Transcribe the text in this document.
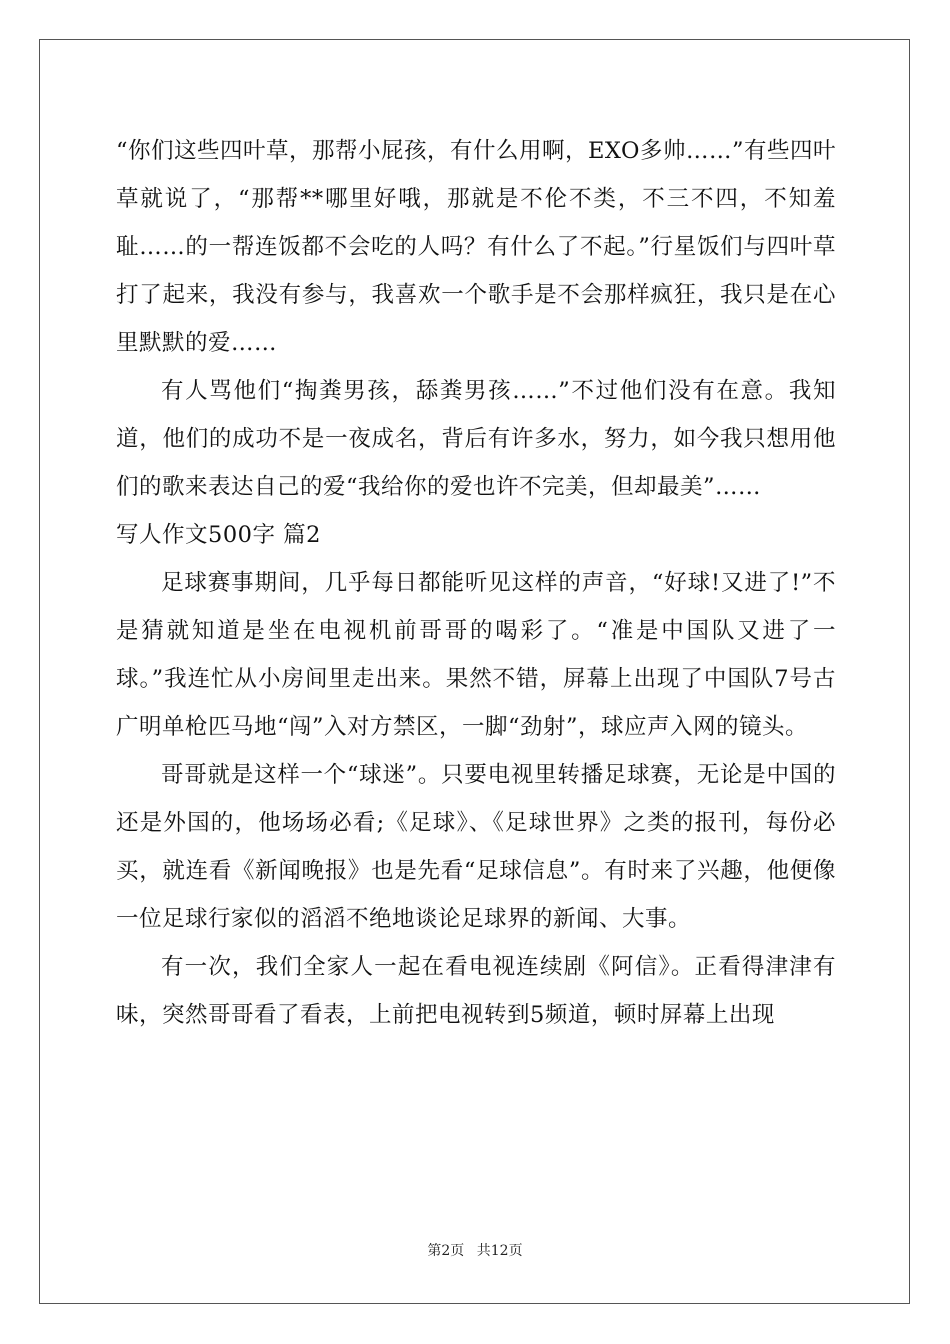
“你们这些四叶草，那帮小屁孩，有什么用啊，EXO多帅……”有些四叶草就说了，“那帮**哪里好哦，那就是不伦不类，不三不四，不知羞耻……的一帮连饭都不会吃的人吗？有什么了不起。”行星饭们与四叶草打了起来，我没有参与，我喜欢一个歌手是不会那样疯狂，我只是在心里默默的爱……

有人骂他们“掏粪男孩，舔粪男孩……”不过他们没有在意。我知道，他们的成功不是一夜成名，背后有许多水，努力，如今我只想用他们的歌来表达自己的爱“我给你的爱也许不完美，但却最美”……

写人作文500字 篇2

足球赛事期间，几乎每日都能听见这样的声音，“好球!又进了!”不是猜就知道是坐在电视机前哥哥的喝彩了。“准是中国队又进了一球。”我连忙从小房间里走出来。果然不错，屏幕上出现了中国队7号古广明单枪匹马地“闯”入对方禁区，一脚“劲射”，球应声入网的镜头。

哥哥就是这样一个“球迷”。只要电视里转播足球赛，无论是中国的还是外国的，他场场必看;《足球》、《足球世界》之类的报刊，每份必买，就连看《新闻晚报》也是先看“足球信息”。有时来了兴趣，他便像一位足球行家似的滔滔不绝地谈论足球界的新闻、大事。

有一次，我们全家人一起在看电视连续剧《阿信》。正看得津津有味，突然哥哥看了看表，上前把电视转到5频道，顿时屏幕上出现

第2页 共12页
